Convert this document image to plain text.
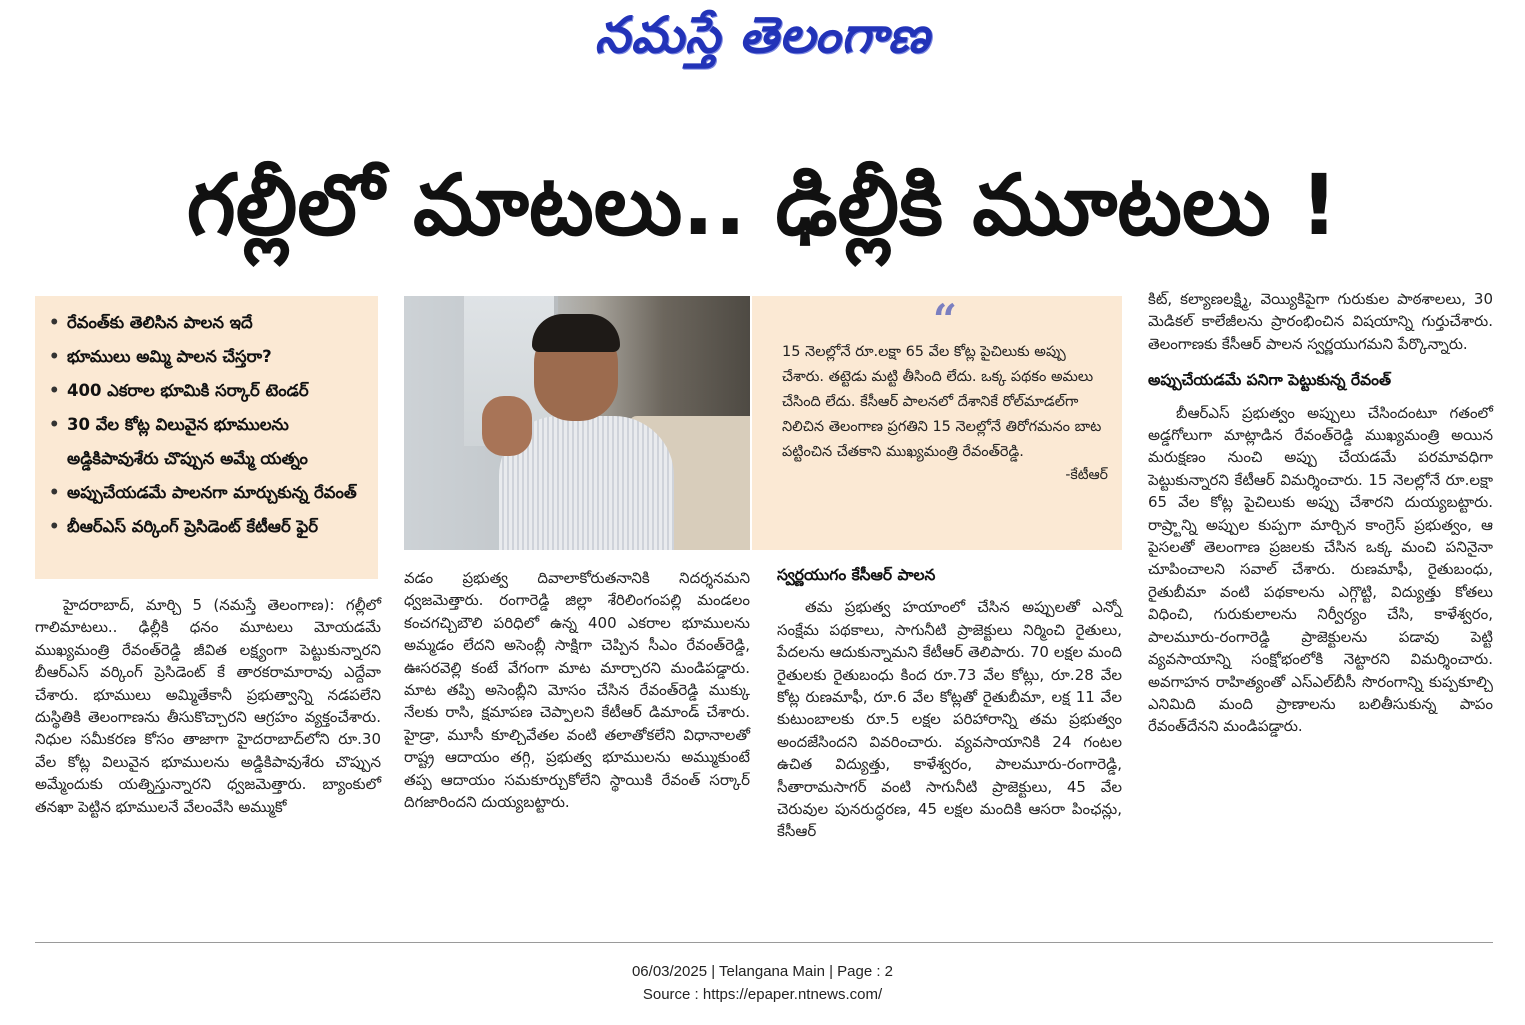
నమస్తే తెలంగాణ
గల్లీలో మాటలు.. ఢిల్లీకి మూటలు !
• రేవంత్‌కు తెలిసిన పాలన ఇదే
• భూములు అమ్మి పాలన చేస్తరా?
• 400 ఎకరాల భూమికి సర్కార్ టెండర్
• 30 వేల కోట్ల విలువైన భూములను అడ్డికిపావుశేరు చొప్పున అమ్మే యత్నం
• అప్పుచేయడమే పాలనగా మార్చుకున్న రేవంత్
• బీఆర్ఎస్ వర్కింగ్ ప్రెసిడెంట్ కేటీఆర్ ఫైర్
“
15 నెలల్లోనే రూ.లక్షా 65 వేల కోట్ల పైచిలుకు అప్పు చేశారు. తట్టెడు మట్టి తీసింది లేదు. ఒక్క పథకం అమలు చేసింది లేదు. కేసీఆర్ పాలనలో దేశానికే రోల్‌మాడల్‌గా నిలిచిన తెలంగాణ ప్రగతిని 15 నెలల్లోనే తిరోగమనం బాట పట్టించిన చేతకాని ముఖ్యమంత్రి రేవంత్‌రెడ్డి.
-కేటీఆర్

హైదరాబాద్, మార్చి 5 (నమస్తే తెలంగాణ): గల్లీలో గాలిమాటలు.. ఢిల్లీకి ధనం మూటలు మోయడమే ముఖ్యమంత్రి రేవంత్‌రెడ్డి జీవిత లక్ష్యంగా పెట్టుకున్నారని బీఆర్ఎస్ వర్కింగ్ ప్రెసిడెంట్ కే తారకరామారావు ఎద్దేవా చేశారు. భూములు అమ్మితేకానీ ప్రభుత్వాన్ని నడపలేని దుస్థితికి తెలంగాణను తీసుకొచ్చారని ఆగ్రహం వ్యక్తంచేశారు. నిధుల సమీకరణ కోసం తాజాగా హైదరాబాద్‌లోని రూ.30 వేల కోట్ల విలువైన భూములను అడ్డికిపావుశేరు చొప్పున అమ్మేందుకు యత్నిస్తున్నారని ధ్వజమెత్తారు. బ్యాంకులో తనఖా పెట్టిన భూములనే వేలంవేసి అమ్ముకో

వడం ప్రభుత్వ దివాలాకోరుతనానికి నిదర్శనమని ధ్వజమెత్తారు. రంగారెడ్డి జిల్లా శేరిలింగంపల్లి మండలం కంచగచ్చిబౌలి పరిధిలో ఉన్న 400 ఎకరాల భూములను అమ్మడం లేదని అసెంబ్లీ సాక్షిగా చెప్పిన సీఎం రేవంత్‌రెడ్డి, ఊసరవెల్లి కంటే వేగంగా మాట మార్చారని మండిపడ్డారు. మాట తప్పి అసెంబ్లీని మోసం చేసిన రేవంత్‌రెడ్డి ముక్కు నేలకు రాసి, క్షమాపణ చెప్పాలని కేటీఆర్ డిమాండ్ చేశారు. హైడ్రా, మూసీ కూల్చివేతల వంటి తలాతోకలేని విధానాలతో రాష్ట్ర ఆదాయం తగ్గి, ప్రభుత్వ భూములను అమ్ముకుంటే తప్ప ఆదాయం సమకూర్చుకోలేని స్థాయికి రేవంత్ సర్కార్ దిగజారిందని దుయ్యబట్టారు.

స్వర్ణయుగం కేసీఆర్ పాలన

తమ ప్రభుత్వ హయాంలో చేసిన అప్పులతో ఎన్నో సంక్షేమ పథకాలు, సాగునీటి ప్రాజెక్టులు నిర్మించి రైతులు, పేదలను ఆదుకున్నామని కేటీఆర్ తెలిపారు. 70 లక్షల మంది రైతులకు రైతుబంధు కింద రూ.73 వేల కోట్లు, రూ.28 వేల కోట్ల రుణమాఫీ, రూ.6 వేల కోట్లతో రైతుబీమా, లక్ష 11 వేల కుటుంబాలకు రూ.5 లక్షల పరిహారాన్ని తమ ప్రభుత్వం అందజేసిందని వివరించారు. వ్యవసాయానికి 24 గంటల ఉచిత విద్యుత్తు, కాళేశ్వరం, పాలమూరు-రంగారెడ్డి, సీతారామసాగర్ వంటి సాగునీటి ప్రాజెక్టులు, 45 వేల చెరువుల పునరుద్ధరణ, 45 లక్షల మందికి ఆసరా పింఛన్లు, కేసీఆర్

కిట్, కల్యాణలక్ష్మి, వెయ్యికిపైగా గురుకుల పాఠశాలలు, 30 మెడికల్ కాలేజీలను ప్రారంభించిన విషయాన్ని గుర్తుచేశారు. తెలంగాణకు కేసీఆర్ పాలన స్వర్ణయుగమని పేర్కొన్నారు.

అప్పుచేయడమే పనిగా పెట్టుకున్న రేవంత్

బీఆర్ఎస్ ప్రభుత్వం అప్పులు చేసిందంటూ గతంలో అడ్డగోలుగా మాట్లాడిన రేవంత్‌రెడ్డి ముఖ్యమంత్రి అయిన మరుక్షణం నుంచి అప్పు చేయడమే పరమావధిగా పెట్టుకున్నారని కేటీఆర్ విమర్శించారు. 15 నెలల్లోనే రూ.లక్షా 65 వేల కోట్ల పైచిలుకు అప్పు చేశారని దుయ్యబట్టారు. రాష్ర్టాన్ని అప్పుల కుప్పగా మార్చిన కాంగ్రెస్ ప్రభుత్వం, ఆ పైసలతో తెలంగాణ ప్రజలకు చేసిన ఒక్క మంచి పనినైనా చూపించాలని సవాల్ చేశారు. రుణమాఫీ, రైతుబంధు, రైతుబీమా వంటి పథకాలను ఎగ్గొట్టి, విద్యుత్తు కోతలు విధించి, గురుకులాలను నిర్వీర్యం చేసి, కాళేశ్వరం, పాలమూరు-రంగారెడ్డి ప్రాజెక్టులను పడావు పెట్టి వ్యవసాయాన్ని సంక్షోభంలోకి నెట్టారని విమర్శించారు. అవగాహన రాహిత్యంతో ఎస్ఎల్‌బీసీ సొరంగాన్ని కుప్పకూల్చి ఎనిమిది మంది ప్రాణాలను బలితీసుకున్న పాపం రేవంత్‌దేనని మండిపడ్డారు.

06/03/2025 | Telangana Main | Page : 2
Source : https://epaper.ntnews.com/
